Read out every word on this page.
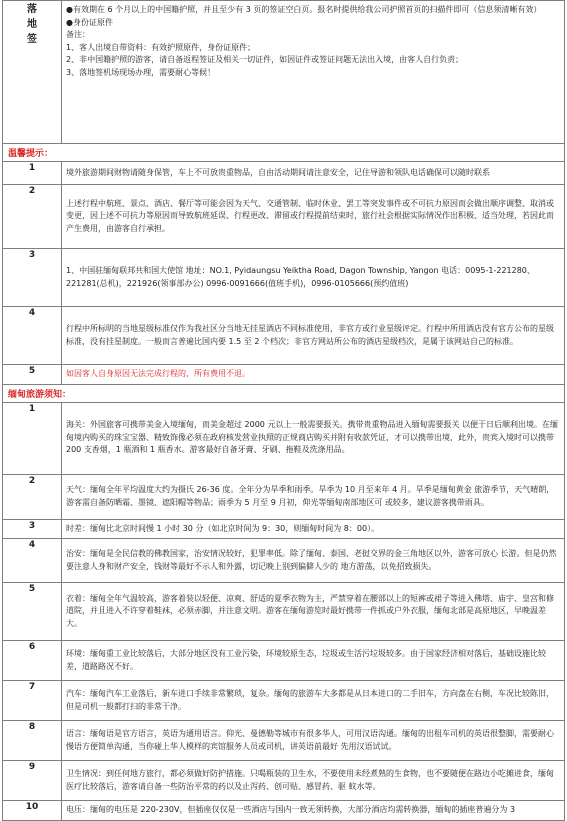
落
地
签

●有效期在 6 个月以上的中国籍护照，并且至少有 3 页的签证空白页。报名时提供给我公司护照首页的扫描件即可（信息须清晰有效）
●身份证原件
备注：
1、客人出境自带资料：有效护照原件，身份证原件；
2、非中国籍护照的游客，请自备返程签证及相关一切证件，如因证件或签证问题无法出入境，由客人自行负责；
3、落地签机场现场办理，需要耐心等候！
温馨提示：
1	境外旅游期间财物请随身保管，车上不可放贵重物品，自由活动期间请注意安全，记住导游和领队电话确保可以随时联系
2	上述行程中航班、景点、酒店、餐厅等可能会因为天气、交通管制、临时休业、罢工等突发事件或不可抗力原因而会做出顺序调整、取消或变更，因上述不可抗力等原因而导致航班延误、行程更改、滞留或行程提前结束时，旅行社会根据实际情况作出积极、适当处理，若因此而产生费用，由游客自行承担。
3	1、中国驻缅甸联邦共和国大使馆 地址：NO.1, Pyidaungsu Yeiktha Road, Dagon Township, Yangon 电话：0095-1-221280、221281(总机)，221926(领事部办公) 0996-0091666(值班手机)，0996-0105666(预约值班)
4	行程中所标明的当地星级标准仅作为我社区分当地无挂星酒店不同标准使用，非官方或行业星级评定。行程中所用酒店没有官方公布的星级标准，没有挂星制度。一般而言普遍比国内要 1.5 至 2 个档次；非官方网站所公布的酒店星级档次，是属于该网站自己的标准。
5	如因客人自身原因无法完成行程的，所有费用不退。
缅甸旅游须知：
1	海关：外国旅客可携带美金入境缅甸，而美金超过 2000 元以上一般需要报关。携带贵重物品进入缅甸需要报关 以便于日后顺利出境。在缅甸境内购买的珠宝宝器、精致饰像必须在政府核发营业执照的正规商店购买并附有收款凭证，才可以携带出境，此外，贵宾入境时可以携带 200 支香烟，1 瓶酒和 1 瓶香水。游客最好自备牙膏、牙刷、拖鞋及洗涤用品。
2	天气：缅甸全年平均温度大约为摄氏 26-36 度。全年分为旱季和雨季。旱季为 10 月至来年 4 月。旱季是缅甸黄金 旅游季节，天气晴朗，游客需自备防晒霜、墨镜、遮阳帽等物品；雨季为 5 月至 9 月初，仰光等缅甸南部地区可 或较多，建议游客携带雨具。
3	时差：缅甸比北京时间慢 1 小时 30 分（如北京时间为 9：30，则缅甸时间为 8：00）。
4	治安：缅甸是全民信教的佛教国家，治安情况较好，犯罪率低。除了缅甸、泰国、老挝交界的金三角地区以外，游客可放心 长游。但是仍然要注意人身和财产安全，钱财等最好不示人和外露，切记晚上别到偏僻人少的 地方游荡，以免招致损失。
5	衣着：缅甸全年气温较高，游客着装以轻便、凉爽、舒适的夏季衣物为主，严禁穿着在腰部以上的短裤或裙子等进入佛塔、庙宇、皇宫和修道院，并且进入不许穿着鞋袜，必须赤脚，并注意文明。游客在缅甸游览时最好携带一件抓或户外衣服，缅甸北部是高原地区，早晚温差大。
6	环境：缅甸重工业比较落后，大部分地区没有工业污染，环境较原生态，垃圾或生活污垃圾较多。由于国家经济相对落后，基础设施比较差，道路路况不好。
7	汽车：缅甸汽车工业落后，新车进口手续非常繁琐，复杂。缅甸的旅游车大多都是从日本进口的二手旧车，方向盘在右侧，车况比较陈旧，但是司机一般都打扫的非常干净。
8	语言：缅甸语是官方语言，英语为通用语言。仰光、曼德勒等城市有很多华人，可用汉语沟通。缅甸的出租车司机的英语很整脚，需要耐心慢语方便简单沟通，当你碰上华人模样的宾馆服务人员或司机，讲英语前最好 先用汉语试试。
9	卫生情况：到任何地方旅行，都必须做好防护措施。只喝瓶装的卫生水，不要使用未经煮熟的生食物，也不要随便在路边小吃摊进食，缅甸医疗比较落后，游客请自备一些防治平常的药以及止泻药、创可贴、感冒药、驱 蚊水等。
10	电压：缅甸的电压是 220-230V，但插座仅仅是一些酒店与国内一致无须转换，大部分酒店均需转换器，缅甸的插座普遍分为 3
